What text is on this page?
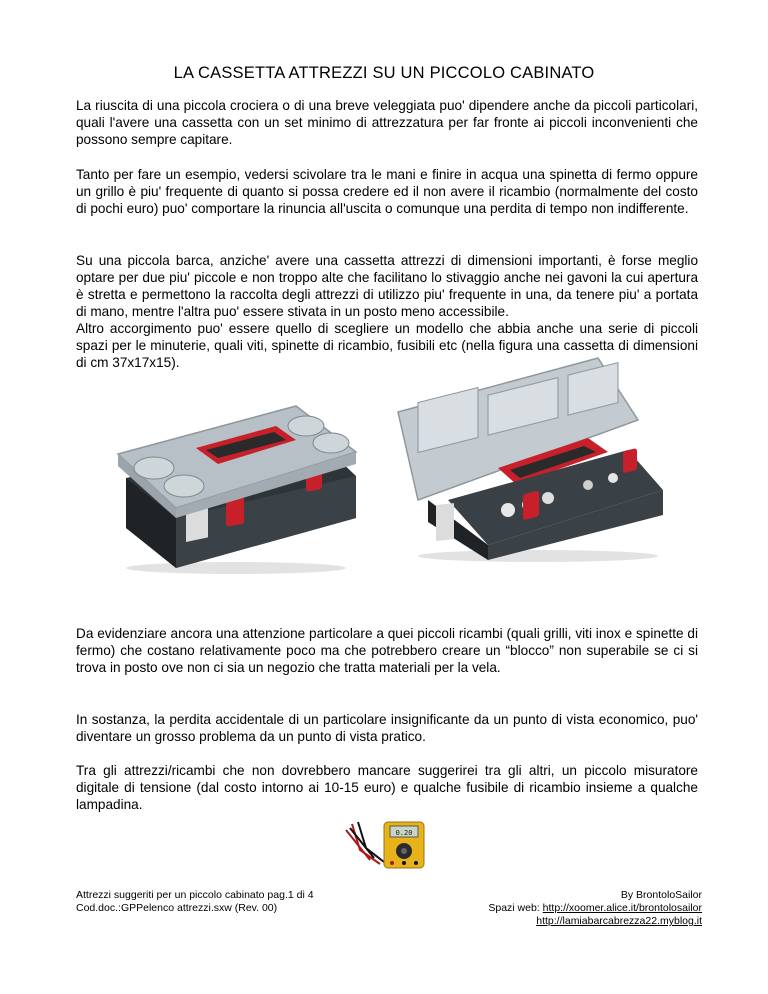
LA CASSETTA ATTREZZI SU UN PICCOLO CABINATO
La riuscita di una piccola crociera o di una breve veleggiata puo' dipendere anche da piccoli particolari, quali l'avere una cassetta con un set minimo di attrezzatura per far fronte ai piccoli inconvenienti che possono sempre capitare.
Tanto per fare un esempio, vedersi scivolare tra le mani e finire in acqua una spinetta di fermo oppure un grillo è piu' frequente di quanto si possa credere ed il non avere il ricambio (normalmente del costo di pochi euro) puo' comportare la rinuncia all'uscita o comunque una perdita di tempo non indifferente.
Su una piccola barca, anziche' avere una cassetta attrezzi di dimensioni importanti, è forse meglio optare per due piu' piccole e non troppo alte che facilitano lo stivaggio anche nei gavoni la cui apertura è stretta e permettono la raccolta degli attrezzi di utilizzo piu' frequente in una, da tenere piu' a portata di mano, mentre l'altra puo' essere stivata in un posto meno accessibile.
Altro accorgimento puo' essere quello di scegliere un modello che abbia anche una serie di piccoli spazi per le minuterie, quali viti, spinette di ricambio, fusibili etc (nella figura una cassetta di dimensioni di cm 37x17x15).
Da evidenziare ancora una attenzione particolare a quei piccoli ricambi (quali grilli, viti inox e spinette di fermo) che costano relativamente poco ma che potrebbero creare un “blocco” non superabile se ci si trova in posto ove non ci sia un negozio che tratta materiali per la vela.
In sostanza, la perdita accidentale di un particolare insignificante da un punto di vista economico, puo' diventare un grosso problema da un punto di vista pratico.
Tra gli attrezzi/ricambi che non dovrebbero mancare suggerirei tra gli altri, un piccolo misuratore digitale di tensione (dal costo intorno ai 10-15 euro) e qualche fusibile di ricambio insieme a qualche lampadina.
0.20
Attrezzi suggeriti per un piccolo cabinato pag.1 di 4
Cod.doc.:GPPelenco attrezzi.sxw (Rev. 00)
By BrontoloSailor
Spazi web: http://xoomer.alice.it/brontolosailor
http://lamiabarcabrezza22.myblog.it
